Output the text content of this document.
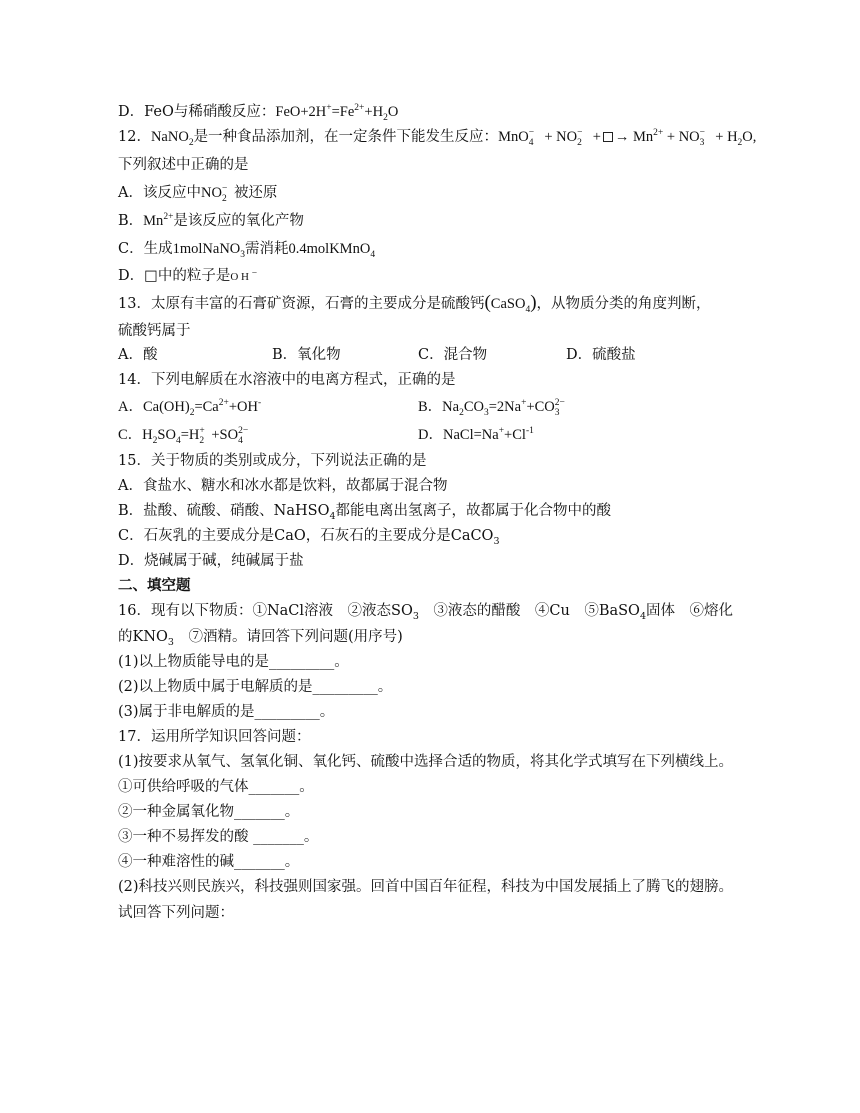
D．FeO与稀硝酸反应：$FeO+2H^+=Fe^{2+}+H_2O$
12．NaNO$_2$是一种食品添加剂，在一定条件下能发生反应：MnO −
4 + NO −
2 + → $Mn^{2+}$ + NO −
$3 + H_2O$,
下列叙述中正确的是
A．该反应中NO −
2 被还原
B．$Mn^{2+}$是该反应的氧化产物
C．生成1molNaNO$_3$需消耗0.4molKMnO$_4$
D．□中的粒子是O H −
13．太原有丰富的石膏矿资源，石膏的主要成分是硫酸钙(CaSO$_4$)，从物质分类的角度判断，
硫酸钙属于
A．酸	B．氧化物	C．混合物	D．硫酸盐
14．下列电解质在水溶液中的电离方程式，正确的是
A．$Ca(OH)_2=Ca^{2+}+OH^-$	B．$Na_2CO_3=2Na^++CO$ 2−
3
C．$H_2SO_4=H$ +
2 +SO 2−
4	D．$NaCl=Na^++Cl^{-1}$
15．关于物质的类别或成分，下列说法正确的是
A．食盐水、糖水和冰水都是饮料，故都属于混合物
B．盐酸、硫酸、硝酸、NaHSO$_4$都能电离出氢离子，故都属于化合物中的酸
C．石灰乳的主要成分是CaO，石灰石的主要成分是CaCO$_3$
D．烧碱属于碱，纯碱属于盐
二、填空题
16．现有以下物质：①NaCl溶液　②液态$SO_3$　③液态的醋酸　④Cu　⑤BaSO$_4$固体　⑥熔化
的$KNO_3$　⑦酒精。请回答下列问题(用序号)
(1)以上物质能导电的是_________。
(2)以上物质中属于电解质的是_________。
(3)属于非电解质的是_________。
17．运用所学知识回答问题：
(1)按要求从氧气、氢氧化铜、氧化钙、硫酸中选择合适的物质，将其化学式填写在下列横线上。
①可供给呼吸的气体_______。
②一种金属氧化物_______。
③一种不易挥发的酸 _______。
④一种难溶性的碱_______。
(2)科技兴则民族兴，科技强则国家强。回首中国百年征程，科技为中国发展插上了腾飞的翅膀。
试回答下列问题：
